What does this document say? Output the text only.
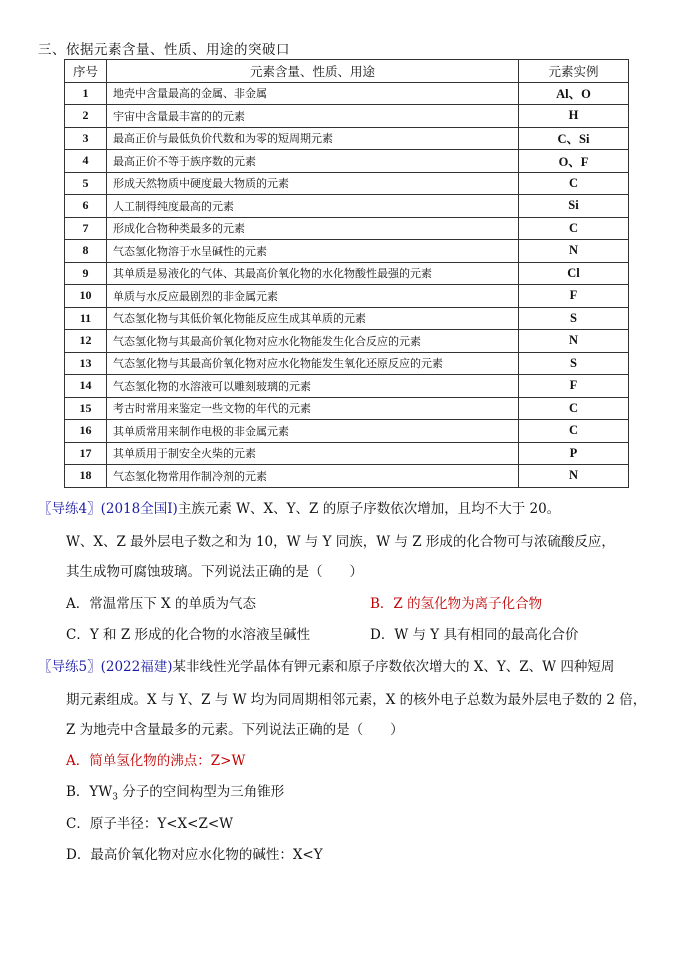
三、依据元素含量、性质、用途的突破口
序号	元素含量、性质、用途	元素实例
1	地壳中含量最高的金属、非金属	Al、O
2	宇宙中含量最丰富的的元素	H
3	最高正价与最低负价代数和为零的短周期元素	C、Si
4	最高正价不等于族序数的元素	O、F
5	形成天然物质中硬度最大物质的元素	C
6	人工制得纯度最高的元素	Si
7	形成化合物种类最多的元素	C
8	气态氢化物溶于水呈碱性的元素	N
9	其单质是易液化的气体、其最高价氧化物的水化物酸性最强的元素	Cl
10	单质与水反应最剧烈的非金属元素	F
11	气态氢化物与其低价氧化物能反应生成其单质的元素	S
12	气态氢化物与其最高价氧化物对应水化物能发生化合反应的元素	N
13	气态氢化物与其最高价氧化物对应水化物能发生氧化还原反应的元素	S
14	气态氢化物的水溶液可以雕刻玻璃的元素	F
15	考古时常用来鉴定一些文物的年代的元素	C
16	其单质常用来制作电极的非金属元素	C
17	其单质用于制安全火柴的元素	P
18	气态氢化物常用作制冷剂的元素	N
〖导练4〗(2018全国Ⅰ)主族元素 W、X、Y、Z 的原子序数依次增加，且均不大于 20。
W、X、Z 最外层电子数之和为 10，W 与 Y 同族，W 与 Z 形成的化合物可与浓硫酸反应，
其生成物可腐蚀玻璃。下列说法正确的是（　　）
A．常温常压下 X 的单质为气态	B．Z 的氢化物为离子化合物
C．Y 和 Z 形成的化合物的水溶液呈碱性	D．W 与 Y 具有相同的最高化合价
〖导练5〗(2022福建)某非线性光学晶体有钾元素和原子序数依次增大的 X、Y、Z、W 四种短周
期元素组成。X 与 Y、Z 与 W 均为同周期相邻元素，X 的核外电子总数为最外层电子数的 2 倍，
Z 为地壳中含量最多的元素。下列说法正确的是（　　）
A．简单氢化物的沸点：Z>W
B．$YW_3$ 分子的空间构型为三角锥形
C．原子半径：Y<X<Z<W
D．最高价氧化物对应水化物的碱性：X<Y
